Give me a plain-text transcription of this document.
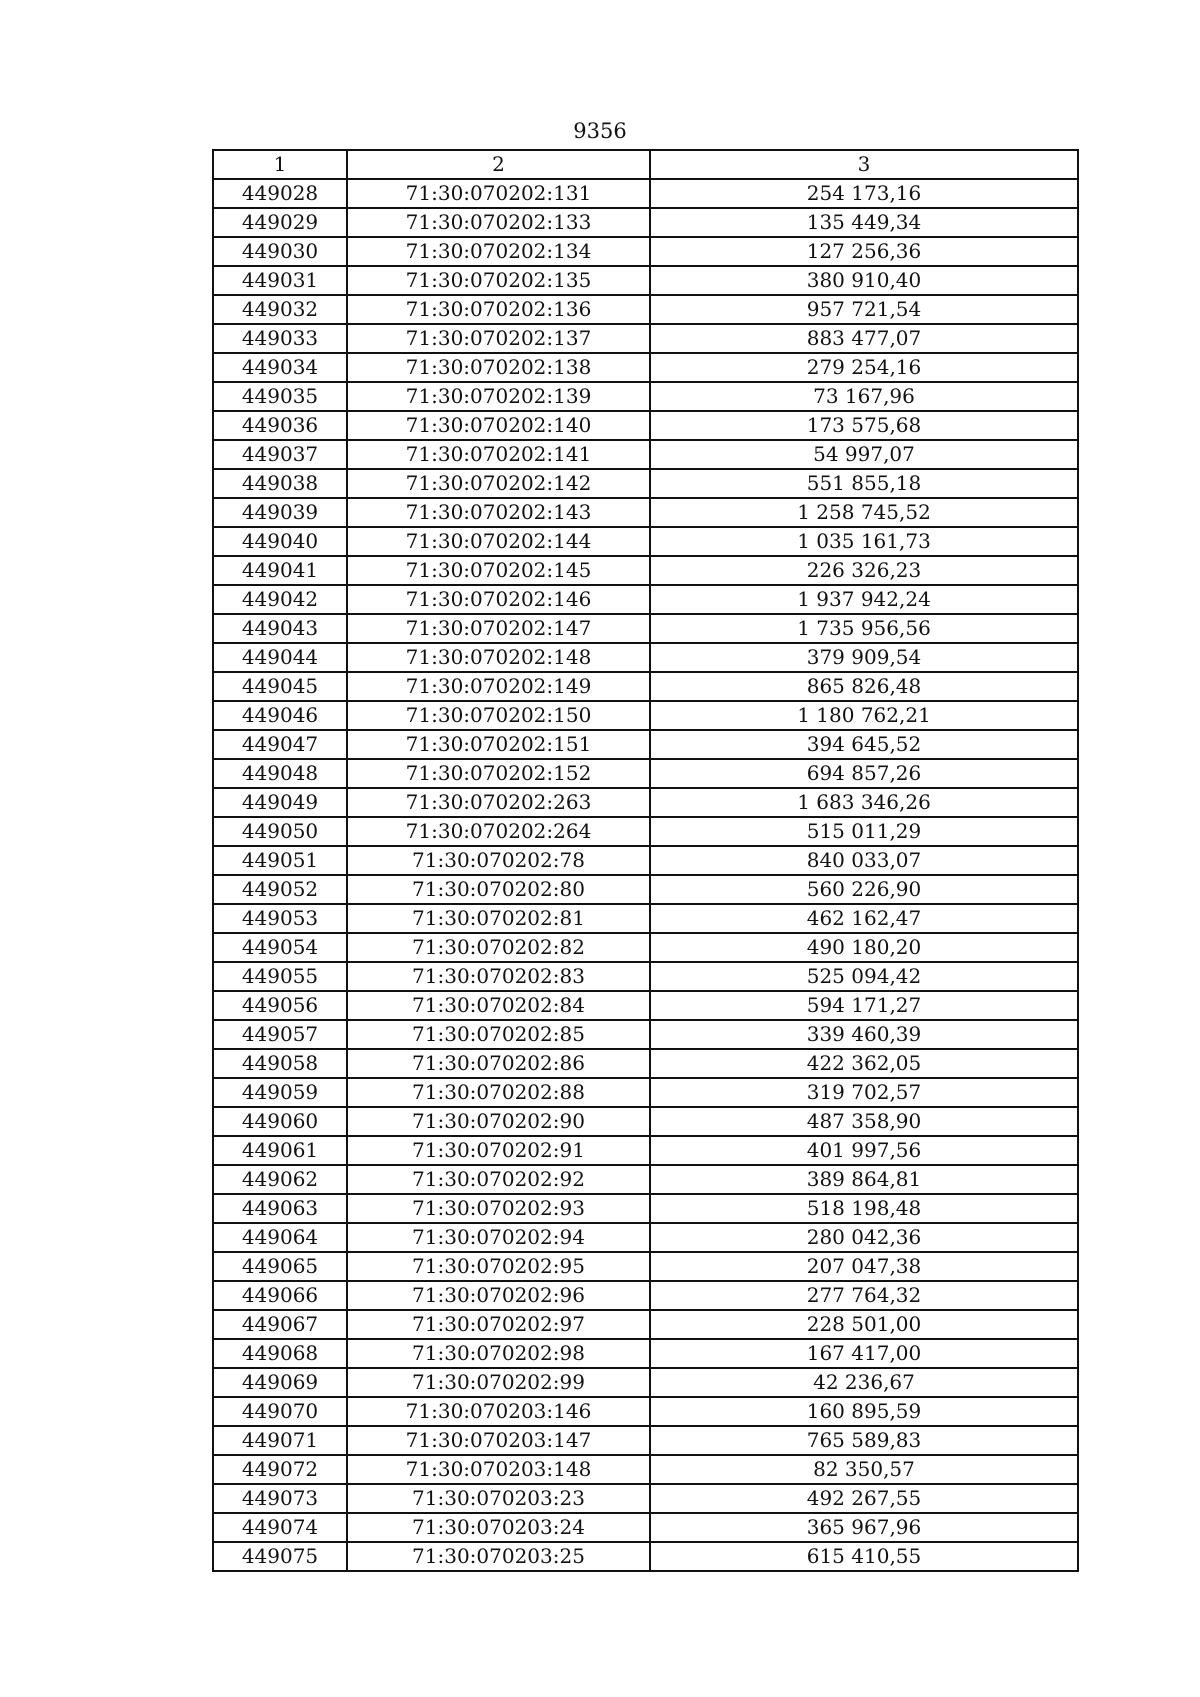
9356
1	2	3
449028	71:30:070202:131	254 173,16
449029	71:30:070202:133	135 449,34
449030	71:30:070202:134	127 256,36
449031	71:30:070202:135	380 910,40
449032	71:30:070202:136	957 721,54
449033	71:30:070202:137	883 477,07
449034	71:30:070202:138	279 254,16
449035	71:30:070202:139	73 167,96
449036	71:30:070202:140	173 575,68
449037	71:30:070202:141	54 997,07
449038	71:30:070202:142	551 855,18
449039	71:30:070202:143	1 258 745,52
449040	71:30:070202:144	1 035 161,73
449041	71:30:070202:145	226 326,23
449042	71:30:070202:146	1 937 942,24
449043	71:30:070202:147	1 735 956,56
449044	71:30:070202:148	379 909,54
449045	71:30:070202:149	865 826,48
449046	71:30:070202:150	1 180 762,21
449047	71:30:070202:151	394 645,52
449048	71:30:070202:152	694 857,26
449049	71:30:070202:263	1 683 346,26
449050	71:30:070202:264	515 011,29
449051	71:30:070202:78	840 033,07
449052	71:30:070202:80	560 226,90
449053	71:30:070202:81	462 162,47
449054	71:30:070202:82	490 180,20
449055	71:30:070202:83	525 094,42
449056	71:30:070202:84	594 171,27
449057	71:30:070202:85	339 460,39
449058	71:30:070202:86	422 362,05
449059	71:30:070202:88	319 702,57
449060	71:30:070202:90	487 358,90
449061	71:30:070202:91	401 997,56
449062	71:30:070202:92	389 864,81
449063	71:30:070202:93	518 198,48
449064	71:30:070202:94	280 042,36
449065	71:30:070202:95	207 047,38
449066	71:30:070202:96	277 764,32
449067	71:30:070202:97	228 501,00
449068	71:30:070202:98	167 417,00
449069	71:30:070202:99	42 236,67
449070	71:30:070203:146	160 895,59
449071	71:30:070203:147	765 589,83
449072	71:30:070203:148	82 350,57
449073	71:30:070203:23	492 267,55
449074	71:30:070203:24	365 967,96
449075	71:30:070203:25	615 410,55
